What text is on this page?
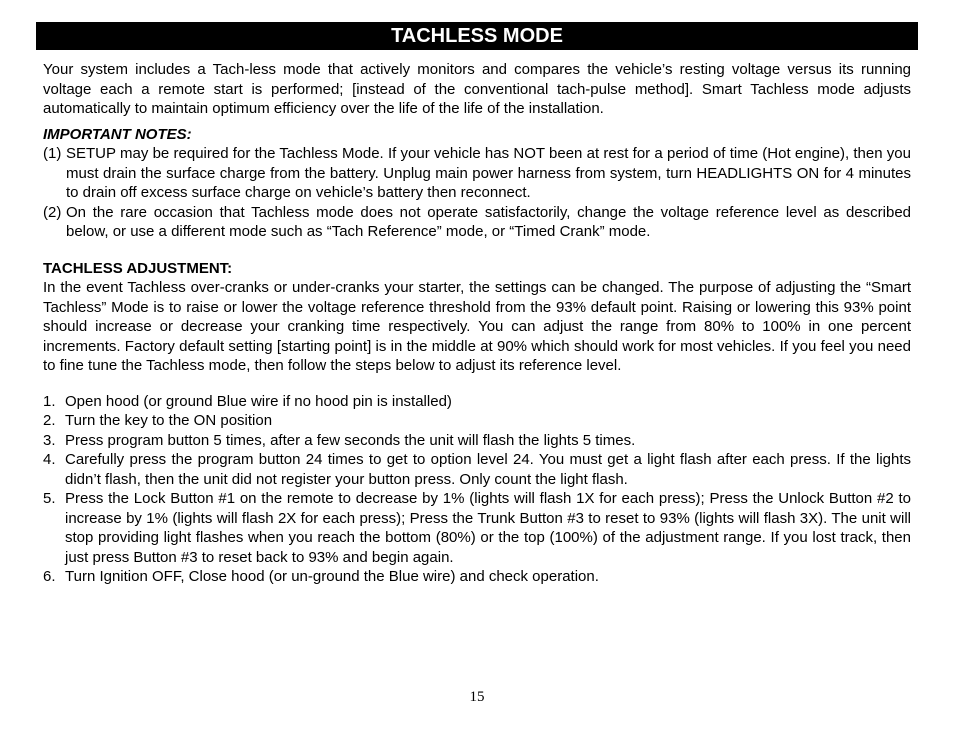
TACHLESS MODE

Your system includes a Tach-less mode that actively monitors and compares the vehicle’s resting voltage versus its running voltage each a remote start is performed; [instead of the conventional tach-pulse method]. Smart Tachless mode adjusts automatically to maintain optimum efficiency over the life of the life of the installation.

IMPORTANT NOTES:
(1) SETUP may be required for the Tachless Mode. If your vehicle has NOT been at rest for a period of time (Hot engine), then you must drain the surface charge from the battery. Unplug main power harness from system, turn HEADLIGHTS ON for 4 minutes to drain off excess surface charge on vehicle’s battery then reconnect.
(2) On the rare occasion that Tachless mode does not operate satisfactorily, change the voltage reference level as described below, or use a different mode such as “Tach Reference” mode, or “Timed Crank” mode.
TACHLESS ADJUSTMENT:

In the event Tachless over-cranks or under-cranks your starter, the settings can be changed. The purpose of adjusting the “Smart Tachless” Mode is to raise or lower the voltage reference threshold from the 93% default point. Raising or lowering this 93% point should increase or decrease your cranking time respectively. You can adjust the range from 80% to 100% in one percent increments. Factory default setting [starting point] is in the middle at 90% which should work for most vehicles. If you feel you need to fine tune the Tachless mode, then follow the steps below to adjust its reference level.

1. Open hood (or ground Blue wire if no hood pin is installed)
2. Turn the key to the ON position
3. Press program button 5 times, after a few seconds the unit will flash the lights 5 times.
4. Carefully press the program button 24 times to get to option level 24. You must get a light flash after each press. If the lights didn’t flash, then the unit did not register your button press. Only count the light flash.
5. Press the Lock Button #1 on the remote to decrease by 1% (lights will flash 1X for each press); Press the Unlock Button #2 to increase by 1% (lights will flash 2X for each press); Press the Trunk Button #3 to reset to 93% (lights will flash 3X). The unit will stop providing light flashes when you reach the bottom (80%) or the top (100%) of the adjustment range. If you lost track, then just press Button #3 to reset back to 93% and begin again.
6. Turn Ignition OFF, Close hood (or un-ground the Blue wire) and check operation.
15
